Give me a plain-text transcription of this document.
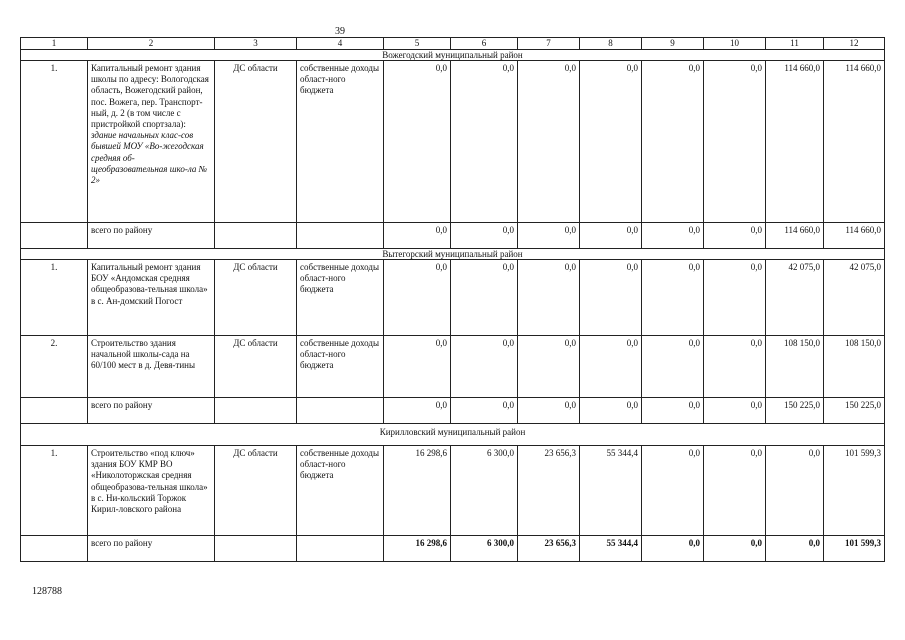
39
1	2	3	4	5	6	7	8	9	10	11	12
Вожегодский муниципальный район											
1.	Капитальный ремонт здания школы по адресу: Вологодская область, Вожегодский район, пос. Вожега, пер. Транспорт-ный, д. 2 (в том числе с пристройкой спортзала): здание начальных клас-сов бывшей МОУ «Во-жегодская средняя об-щеобразовательная шко-ла № 2»	ДС области	собственные доходы област-ного бюджета	0,0	0,0	0,0	0,0	0,0	0,0	114 660,0	114 660,0
	всего по району			0,0	0,0	0,0	0,0	0,0	0,0	114 660,0	114 660,0
Вытегорский муниципальный район											
1.	Капитальный ремонт здания БОУ «Андомская средняя общеобразова-тельная школа» в с. Ан-домский Погост	ДС области	собственные доходы област-ного бюджета	0,0	0,0	0,0	0,0	0,0	0,0	42 075,0	42 075,0
2.	Строительство здания начальной школы-сада на 60/100 мест в д. Девя-тины	ДС области	собственные доходы област-ного бюджета	0,0	0,0	0,0	0,0	0,0	0,0	108 150,0	108 150,0
	всего по району			0,0	0,0	0,0	0,0	0,0	0,0	150 225,0	150 225,0
Кирилловский муниципальный район											
1.	Строительство «под ключ» здания БОУ КМР ВО «Николоторжская средняя общеобразова-тельная школа» в с. Ни-кольский Торжок Кирил-ловского района	ДС области	собственные доходы област-ного бюджета	16 298,6	6 300,0	23 656,3	55 344,4	0,0	0,0	0,0	101 599,3
	всего по району			16 298,6	6 300,0	23 656,3	55 344,4	0,0	0,0	0,0	101 599,3
128788
